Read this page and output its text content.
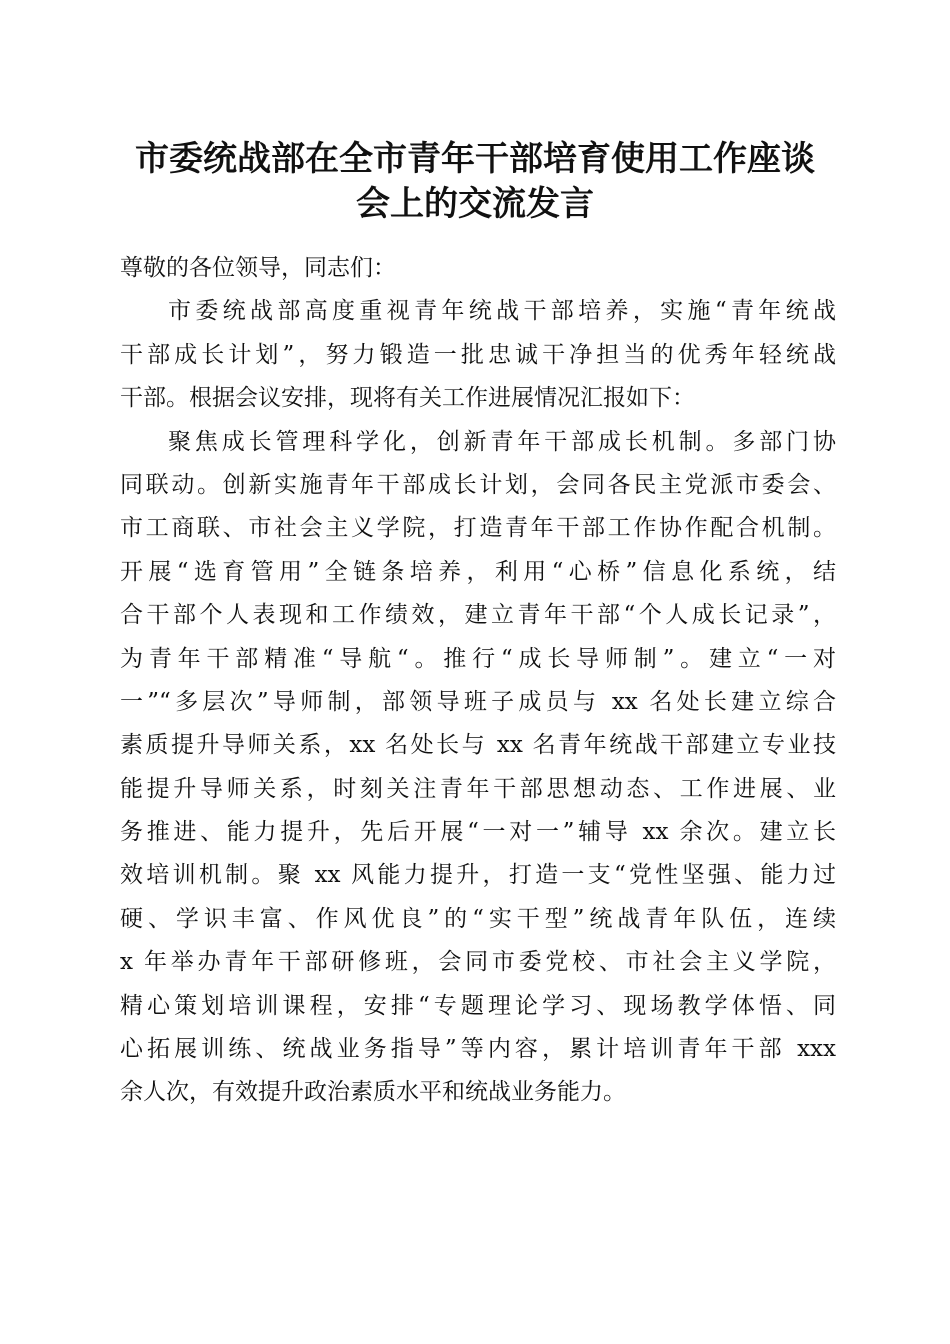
市委统战部在全市青年干部培育使用工作座谈
会上的交流发言
尊敬的各位领导，同志们：
市委统战部高度重视青年统战干部培养，实施“青年统战
干部成长计划”，努力锻造一批忠诚干净担当的优秀年轻统战
干部。根据会议安排，现将有关工作进展情况汇报如下：
聚焦成长管理科学化，创新青年干部成长机制。多部门协
同联动。创新实施青年干部成长计划，会同各民主党派市委会、
市工商联、市社会主义学院，打造青年干部工作协作配合机制。
开展“选育管用”全链条培养，利用“心桥”信息化系统，结
合干部个人表现和工作绩效，建立青年干部“个人成长记录”，
为青年干部精准“导航“。推行“成长导师制”。建立“一对
一”“多层次”导师制，部领导班子成员与 xx 名处长建立综合
素质提升导师关系，xx 名处长与 xx 名青年统战干部建立专业技
能提升导师关系，时刻关注青年干部思想动态、工作进展、业
务推进、能力提升，先后开展“一对一”辅导 xx 余次。建立长
效培训机制。聚 xx 风能力提升，打造一支“党性坚强、能力过
硬、学识丰富、作风优良”的“实干型”统战青年队伍，连续
x 年举办青年干部研修班，会同市委党校、市社会主义学院，
精心策划培训课程，安排“专题理论学习、现场教学体悟、同
心拓展训练、统战业务指导”等内容，累计培训青年干部 xxx
余人次，有效提升政治素质水平和统战业务能力。
